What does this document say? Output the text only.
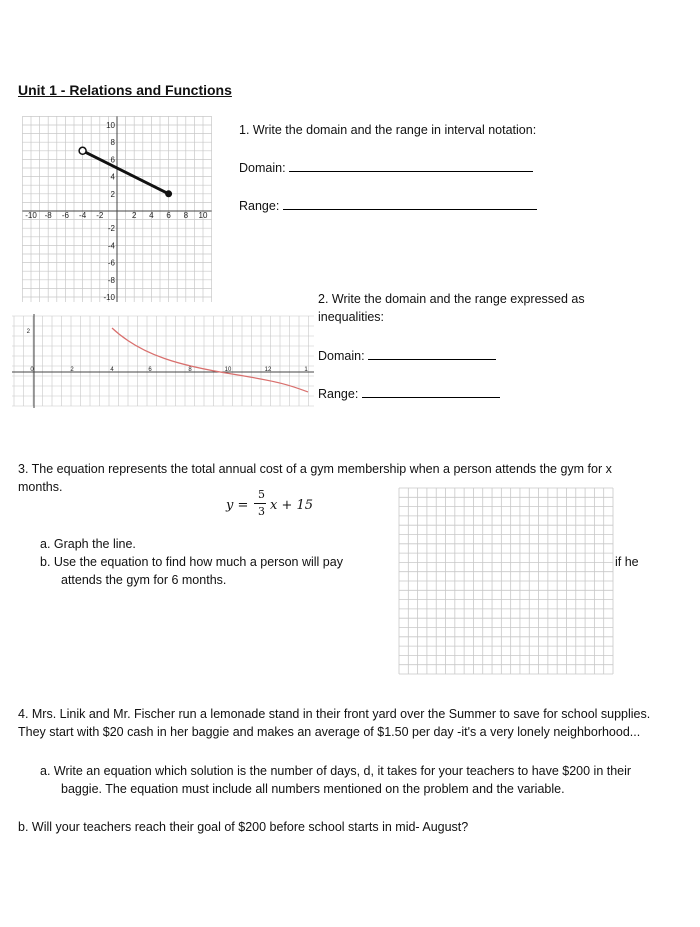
Unit 1 - Relations and Functions
-10 -8 -6 -4 -2	2 4 6 8 10
10
8
6
4
2
-2
-4
-6
-8
-10
1. Write the domain and the range in interval notation:
Domain:
Range:
0	2	4	6	8	10	12	1
2
2. Write the domain and the range expressed as inequalities:
Domain:
Range:
3. The equation represents the total annual cost of a gym membership when a person attends the gym for x months.
y =
5
3 x + 15
a. Graph the line.
b. Use the equation to find how much a person will pay	if he
attends the gym for 6 months.
4. Mrs. Linik and Mr. Fischer run a lemonade stand in their front yard over the Summer to save for school supplies. They start with $20 cash in her baggie and makes an average of $1.50 per day -it's a very lonely neighborhood...
a. Write an equation which solution is the number of days, d, it takes for your teachers to have $200 in their baggie. The equation must include all numbers mentioned on the problem and the variable.
b. Will your teachers reach their goal of $200 before school starts in mid- August?
